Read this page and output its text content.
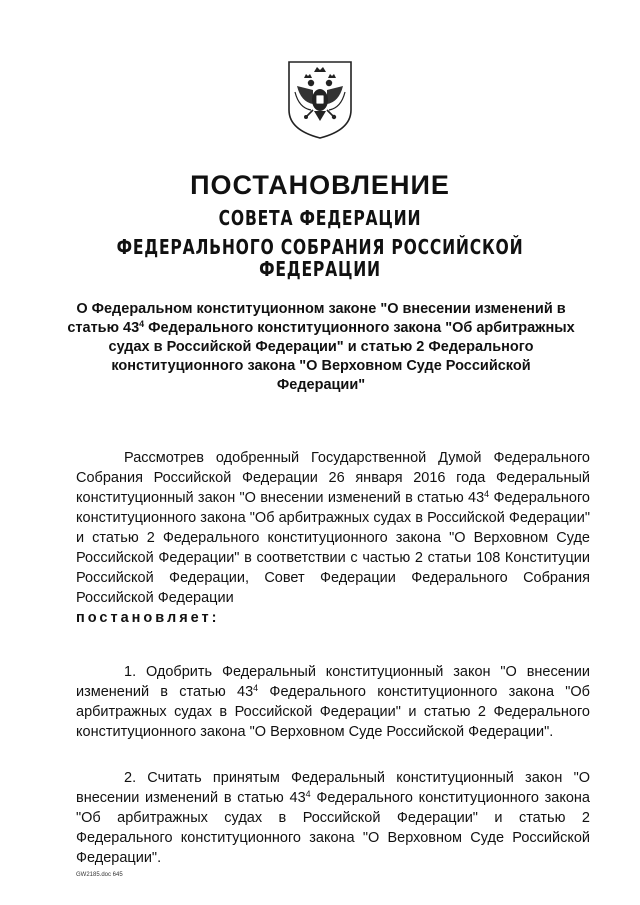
ПОСТАНОВЛЕНИЕ
СОВЕТА ФЕДЕРАЦИИ
ФЕДЕРАЛЬНОГО СОБРАНИЯ РОССИЙСКОЙ ФЕДЕРАЦИИ

О Федеральном конституционном законе "О внесении изменений в статью $43^4$ Федерального конституционного закона "Об арбитражных судах в Российской Федерации" и статью 2 Федерального конституционного закона "О Верховном Суде Российской Федерации"

Рассмотрев одобренный Государственной Думой Федерального Собрания Российской Федерации 26 января 2016 года Федеральный конституционный закон "О внесении изменений в статью $43^4$ Федерального конституционного закона "Об арбитражных судах в Российской Федерации" и статью 2 Федерального конституционного закона "О Верховном Суде Российской Федерации" в соответствии с частью 2 статьи 108 Конституции Российской Федерации, Совет Федерации Федерального Собрания Российской Федерации
постановляет:

1. Одобрить Федеральный конституционный закон "О внесении изменений в статью $43^4$ Федерального конституционного закона "Об арбитражных судах в Российской Федерации" и статью 2 Федерального конституционного закона "О Верховном Суде Российской Федерации".

2. Считать принятым Федеральный конституционный закон "О внесении изменений в статью $43^4$ Федерального конституционного закона "Об арбитражных судах в Российской Федерации" и статью 2 Федерального конституционного закона "О Верховном Суде Российской Федерации".

GW2185.doc 645
